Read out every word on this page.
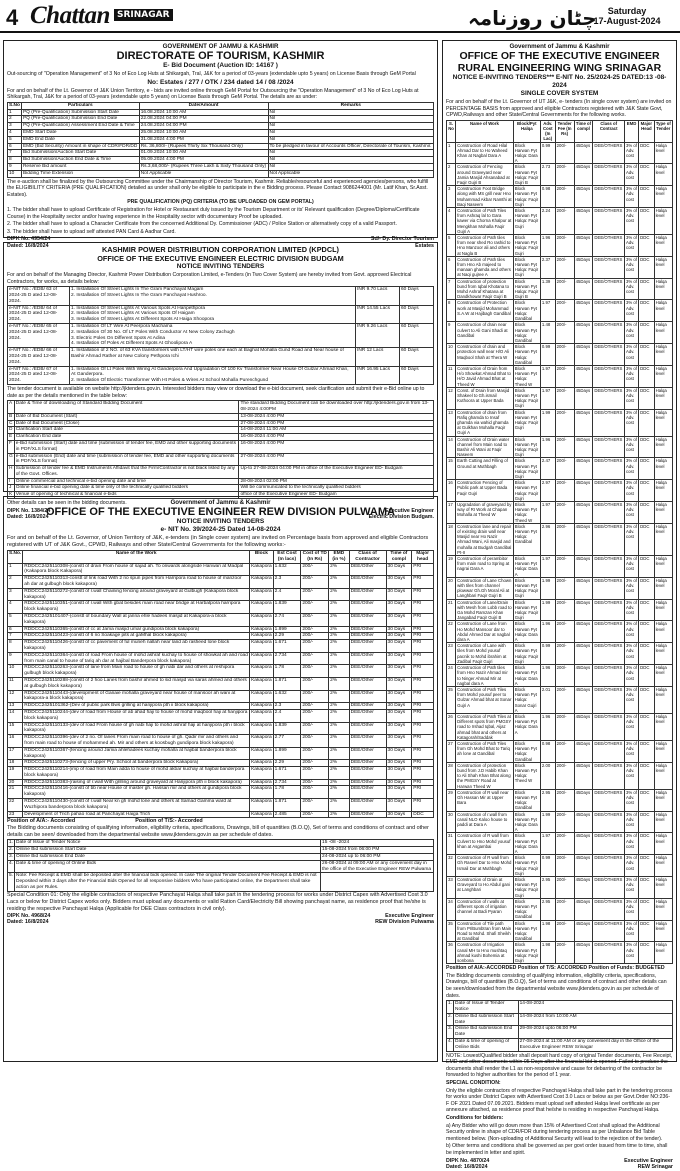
4 Chattan SRINAGAR	چٹان روزنامہ	Saturday
17-August-2024
GOVERNMENT OF JAMMU & KASHMIR
DIRECTORATE OF TOURISM, KASHMIR
E- Bid Document (Auction ID: 14167 )
Out-sourcing of "Operation Management" of 3 No of Eco Log Huts at Shikargah, Tral, J&K for a period of 03-years (extendable upto 5 years) on License Basis through GeM Portal
No: Estates / 277 / OTK / 234 dated 14 / 08 /2024
For and on behalf of the Lt. Governor of J&K Union Territory, e - bids are invited online through GeM Portal for Outsourcing the "Operation Management" of 3 No of Eco Log Huts at Shikargah, Tral, J&K for a period of 03-years (extendable upto 5 years) on License Basis through GeM Portal. The details are as under:
S.No	Particulars	Date/Amount	Remarks
1	PQ (Pre-Qualification) Submission Start Date	16.08.2024 10:00 AM	Nil
2	PQ (Pre-Qualification) Submission End Date	22.08.2024 04:00 PM	Nil
3	PQ (Pre-Qualification) Assessment End Date & Time	24.08.2024 04:00 PM	Nil
4	EMD Start Date	25.08.2024 10:00 AM	Nil
5	EMD End Date	31.08.2024 4:00 PM	Nil
6	EMD (Bid Security) Amount in shape of CDR/FDR/DD	Rs. 36,800/- (Rupees Thirty Six Thousand Only)	To be pledged in favour of Accounts Officer, Directorate of Tourism, Kashmir.
7	Bid Submission/Auction Start Date	01.09.2024 10:00 AM	Nil
8	Bid Submission/Auction End Date & Time	05.09.2024 4:00 PM	Nil
9	Reserve Bid amount	Rs.3,68,000/- (Rupees Three Lakh & Sixty Thousand Only)	Nil
10	Bidding Time Extension	Not Applicable	Not Applicable
The e-auction shall be finalized by the Outsourcing Committee under the Chairmanship of Director Tourism, Kashmir. Reliable/resourceful and experienced agencies/persons, who fulfill the ELIGIBILITY CRITERIA (PRE QUALIFICATION) detailed as under shall only be eligible to participate in the e Bidding process. Please Contact 9086244001 (Mr. Latif Khan, Sr.Asst. Estates).
PRE QUALIFICATION (PQ) CRITERIA (TO BE UPLOADED ON GEM PORTAL)
1. The bidder shall have to upload Certificate of Registration for Hotel or Restaurant duly issued by the Tourism Department or its' Relevant qualification (Degree/Diploma/Certificate Course) in the Hospitality sector and/or having experience in the Hospitality sector with documentary Proof be uploaded.
2. The bidder shall have to upload a Character Certificate from the concerned Additional Dy. Commissioner (ADC) / Police Station or alternatively copy of a valid Passport.
3. The bidder shall have to upload self attested PAN Card & Aadhar Card.
DIPK No. 4954/24	Sd/- Dy. Director Tourism
Dated: 16/8/2024	Estates
KASHMIR POWER DISTRIBUTION CORPORATION LIMITED (KPDCL)
OFFICE OF THE EXECUTIVE ENGINEER ELECTRIC DIVISION BUDGAM
NOTICE INVITING TENDERS
For and on behalf of the Managing Director, Kashmir Power Distribution Corporation Limited, e-Tenders (in Two Cover System) are hereby invited from Govt. approved Electrical Contractors, for works, as details below:
e-NIT No.: /EDB/ 63 of 2024-25 D ated 12-08-2024.	1. Installation Of Street Lights In The Gram Panchayat Magam
2. Installation Of Street Lights In The Gram Panchayat Hushroo.	INR 9.70 Lacs	60 Days
e-NIT No.: /EDB/ 64 of 2024-25 D ated 12-08-2024.	1. Installation Of Street Lights At Various Spots At Haripethpora
2. Installation Of Street Lights At Various Spots Of Haigam
3. Installation Of Street Lights At Different Spots At Haiga Shoopora	INR 14.55 Lacs	60 Days
e-NIT No.: /EDB/ 65 of 2024-25 D ated 12-08-2024.	1. Installation Of LT Wire At Peerpora Machama
2. Installation Of 30 No. Of LT Poles With Conductor At New Colony Zachugh
3. Electric Poles On Different Spots At Adina
4. Installation Of Poles At Different Spots At Ghoolipora A	INR 9.26 Lacs	60 Days
e-NIT No.: /EDB/ 66 of 2024-25 D ated 12-08-2024.	1. Installation of 2 NO. of 63 KVA transformers with LT/HT wire poles one each at Baghat Mohalla Gund Road and Near house of Bashir Ahmad Rather at New Colony Pethpora Ichi	INR 12 Lacs	60 Days
e-NIT No.: /EDB/ 67 of 2024-25 D ated 12-08-2024.	1. Installation Of Lt Poles With Wiring At Ganderpora And Upgradation Of 100 Kv Transformer Near House Of Gulzar Ahmad Khan, At Ganderpora.
2. Installation Of Electric Transformer With Ht Poles & Wires At School Mohalla Purenchgund	INR 16.95 Lacs	60 Days
The tender document is available on website http://jktenders.gov.in. Interested bidders may view or download the e-bid document, seek clarification and submit their e-Bid online up to date as per the details mentioned in the table below:
A	Date & Time of downloading of Standard Bidding Document	The standard Bidding Document can be downloaded over http://jktenders.gov.in from 13-08-2024 4:00PM
B	Date of Bid Document (Start)	13-08-2024 4:00 PM
C	Date of Bid Document (Close)	27-08-2024 4:00 PM
D	Clarification Start date	14-08-2024 11:00 AM
E	Clarification End date	16-08-2024 4:00 PM
F	e-Bid submission (Start) date and time (submission of tender fee, EMD and other supporting documents in PDF/XLS format)	16-08-2024 4:00 PM
G	e-Bid submission (End) date and time (submission of tender fee, EMD and other supporting documents in PDF/XLS format)	27-08-2024 4:00 PM
H	Submission of tender fee & EMD Instruments Affidavit that the Firm/Contractor is not black listed by any of the Govt. Offices.	Up-to 27-08-2024 04:00 PM in office of the Executive Engineer ED- Budgam
I	Online commercial and technical e-bid opening date and time	28-08-2024 02:00 PM
J	Online financial e-bid opening date & time only of the technically qualified bidders	Will be communicated to the technically qualified bidders
K	Venue of opening of technical & financial e-bids	office of the Executive Engineer ED- Budgam
Other details can be seen in the bidding documents.
DIPK No. 1384/24	Executive Engineer
Dated: 16/8/2024	Electric Division Budgam.
Government of Jammu & Kashmir
OFFICE OF THE EXECUTIVE ENGINEER REW DIVISION PULWAMA
NOTICE INVITING TENDERS
e- NIT No. 39/2024-25 Dated 14-08-2024
For and on behalf of the Lt. Governor, of Union Territory of J&K, e-tenders (in Single cover system) are invited on Percentage basis from approved and eligible Contractors registered with UT of J&K Govt., CPWD, Railways and other State/Central Governments for the following works:-
S.No.	Name of the Work	Block	Est Cost (In lacs)	Cost of TD (In Rs)	EMD (in %)	Class of Contractor	Time of compl	Major head
1	RDDCC2425110308-(constt of drain From house of sajad ah. To onwards alongside Hanwari at Madpal (Kakapora block Kakapora)	Kakapora	1.632	200/-	2%	DEE/Other	30 Days	PRI
2	RDDCC2425110313-constt of link road With 2 no spun pipes from Harripora road to house of manzoor ah dar at gulbugh block kakapora)	Kakapora	2.3	200/-	2%	DEE/Other	30 Days	PRI
3	RDDCC2425110272-(constt of r.wall Chaining fencing around graveyard at Gulbugh (Kakapora block kakapora)	Kakapora	2.4	200/-	2%	DEE/Other	30 Days	PRI
4	RDDCC2425110351-(constt of r.wall With gbat besides main road near bridge at Harbatpora harripora block kakapora)	Kakapora	1.839	200/-	2%	DEE/Other	30 Days	PRI
5	RDDCC2425101407-(constt of boundary Wall at janna ehle hadees masjid at Kakapora-a block kakapora)	Kakapora	2.74	200/-	2%	DEE/Other	30 Days	PRI
6	RDDCC2425110365-(constt of cc at Jama masjid umar gundipora block kakapora)	Kakapora	1.899	200/-	2%	DEE/Other	30 Days	PRI
7	RDDCC2425110423-(constt of 6 no Soakage pits at gaMhal block kakapora)	Kakapora	2.29	200/-	2%	DEE/Other	30 Days	PRI
8	RDDCC2425110426-(constt of cc pavement of ful muneh nallah near land ab rasheed lone block kakapora)	Kakapora	1.671	200/-	2%	DEE/Other	30 Days	PRI
9	RDDCC2425110364-(constt of road From house of mohd ashraf kuchay to house of showkat ah and road from main canal to house of tariq ah dar at hajibal Banderpora block kakapora)	Kakapora	2.734	200/-	2%	DEE/Other	30 Days	PRI
10	RDDCC2425110263-(constt of lane from Main road to house of gh nabi dar and others at reshipora gulbugh block kakapora)	Kakapora	1.78	200/-	2%	DEE/Other	30 Days	PRI
11	RDDCC2425110288-(constt of 2 hoo Lanes from bashir ahmed to sid masjid via saras ahmed and others at gulbugh block kakapora)	Kakapora	1.871	200/-	2%	DEE/Other	30 Days	PRI
12	RDDCC2425110443-(development of Ganaie mohalla graveyard near house of mansoor ah wani at kakapora-a block kakapora)	Kakapora	1.632	200/-	2%	DEE/Other	30 Days	PRI
13	RDDCC2425101362-(Dev of public park Bws grilling at hanjipora pth ii block kakapora)	Kakapora	2.3	200/-	2%	DEE/Other	30 Days	PRI
14	RDDCC2425110244-(dev of road from House of ab ahad haji to house of mohd maqbool haji at hanjipora block kakapora)	Kakapora	2.4	200/-	2%	DEE/Other	30 Days	PRI
15	RDDCC2425110133-(dev of road From house of gh nabi haji to mohd ashraf haji at hanjipora pth i block kakapora)	Kakapora	1.839	200/-	2%	DEE/Other	30 Days	PRI
16	RDDCC2425110396-(dev of 2 no. Of lanes From main road to house of gh. Qadir mir and others and from main road to house of mohammed ah. Mir and others at koosbugh gundipora block kakapora)	Kakapora	2.77	200/-	2%	DEE/Other	30 Days	PRI
17	RDDCC2425110367-(fencing around Jamia ahlehadees kuchay mohalla at hajibal banderpora block kakapora)	Kakapora	1.899	200/-	2%	DEE/Other	30 Days	PRI
18	RDDCC2425110273-(fencing of upper Pry. School at banderpora block Kakapora)	Kakapora	2.29	200/-	2%	DEE/Other	30 Days	PRI
19	RDDCC2425110214-(imp of road from Main adda to house of mohd akbar kuchay at hajibal banderpora block kakapora)	Kakapora	1.671	200/-	2%	DEE/Other	30 Days	PRI
20	RDDCC2425110383-(raising of r.wall With grilling around graveyard at Harijipora pth ii block kakapora)	Kakapora	2.734	200/-	2%	DEE/Other	30 Days	PRI
21	RDDCC2425110416-(constt of bb near House of master gh. Hassan mir and others at gundipora block kakapora)	Kakapora	1.78	200/-	2%	DEE/Other	30 Days	PRI
22	RDDCC2425110430-(constt of r.wall Near kn gh mohd lone and others at Samad Gamma ward at Wuzhipora banderpora block kakapora)	Kakapora	1.871	200/-	2%	DEE/Other	30 Days	PRI
23	Development of Trich pahao road at Panchayat Haiga Trich	Kakapora	2.485	200/-	2%	DEE/Other	30 Days	DDC
Position of A/A:- Accorded	Position of T/S:- Accorded
The Bidding documents consisting of qualifying information, eligibility criteria, specifications, Drawings, bill of quantities (B.O.Q), Set of terms and conditions of contract and other details can be seen/ downloaded from the departmental website www.jktenders.gov.in as per schedule of dates.
1.	Date of Issue of Tender Notice	15 -08 -2024
2.	Online Bid submission Start Date	15-08-2024 from 06:00 PM
3.	Online Bid submission End Date	24-08-2024 up to 06:00 PM
4.	Date & time of opening of Online Bids	26-08-2024 at 09:00 AM or any convenient day in the office of the Executive Engineer REW Pulwama
5.	Note: Fee Receipt & EMD shall be deposited after the financial bids opened. In case The original Tender Document Fee Receipt & EMD is not Deposited within 3 days after the Financial Bids Opened for all responsive bidders Who have participated online, the Department shall take action as per Rules.	
Special Condition 01: Only the eligible contractors of respective Panchayat Halqa shall take part in the tendering process for works under District Capex with Advertised Cost 3.0 Lacs or below for District Capex works only. Bidders must upload any documents or valid Ration Card/Electricity Bill showing panchayat name, as residence proof that he/she is residing the respective Panchayat Halqa (Applicable for DEE Class contractors in civil only).
DIPK No. 4968/24	Executive Engineer
Dated: 16/8/2024	REW Division Pulwama
Government of Jammu & Kashmir
OFFICE OF THE EXECUTIVE ENGINEER RURAL ENGINEERING WING SRINAGAR
NOTICE E-INVITING TENDERS*** E-NIT No. 25/2024-25 DATED:13 -08-2024
SINGLE COVER SYSTEM
For and on behalf of the Lt. Governor of UT J&K, e- tenders (In single cover system) are invited on PERCENTAGE BASIS from approved and eligible Contractors registered with J&K State Govt, CPWD,Railways and other State/Central Governments for the following works.
S. No	Name of Work	Block/Pyt Halqa	Adv. Cost (In Lac)	Tender Fee (In Rs)	Time of compl	Class of Contract	EMD	Major Head	Type of Tender
1	Construction of Road Hilal Ahmad Dar to Ho Waheed Khan at Nagbal Dara A	Block Harwan Pyt Halqa: Dara A	0.99	200/-	45Days	DEE/OTHERS	3% of Adv. cost	DDC	Halqa level
2	Construction of Fencing around Graveyard near Jamia Masjid Ahsanabad at Faqir Gujri B	Block Harwan Pyt Halqa: Faqir Gujri B	2.73	200/-	45Days	DEE/OTHERS	3% of Adv. cost	DDC	Halqa level
3	Construction Foot Bridge along with MS grill near Hno Mohammad Akbar Namthi at Baqi Naseem	Block Harwan Pyt Halqa: Faqir Gujri	0.98	200/-	45Days	DEE/OTHERS	3% of Adv. cost	DDC	Halqa level
4	Construction of Path Tiles from Ashraq lal to Gara kawer via Chorna Khalpur at Mengkhan Mohalla Faqir Gujri A	Block Harwan Pyt Halqa: Faqir Gujri	2.24	200/-	45Days	DEE/OTHERS	3% of Adv. cost	DDC	Halqa level
5	Construction of Path tiles from near shed Ro rashid to Hno Manzoor ali and others at Nagla B	Block Harwan Pyt Halqa: Faqir Gujri	1.96	200/-	45Days	DEE/OTHERS	3% of Adv. cost	DDC	Halqa level
6	Construction of Path tiles from Hno Ab majeed to manaan ghamda and others at Naqi gujree A	Block Harwan Pyt Halqa: Faqir Gujri	2.37	200/-	45Days	DEE/OTHERS	3% of Adv. cost	DDC	Halqa level
7	Construction of protection bund from Iqbal Khotana to Mohd Ashraf Khatana at Dandkhowar Faqir Gujri B	Block Harwan Pyt Halqa: Faqir Gujri B	1.39	200/-	45Days	DEE/OTHERS	3% of Adv. cost	DDC	Halqa level
8	Construction of Protection work at Masjid Mohammad S.A.W at Hajibagh Gandibal	Block Harwan Pyt Halqa: Gandibal	1.97	200/-	45Days	DEE/OTHERS	3% of Adv. cost	DDC	Halqa level
9	Construction of drain near culvert to Ali Gani Shadi at Gandibal	Block Harwan Pyt Halqa: Gandibal	1.48	200/-	45Days	DEE/OTHERS	3% of Adv. cost	DDC	Halqa level
10	Construction of drain and protection wall near H/O Ali Maqbool Shah at Thera W	Block Harwan Pyt Halqa: Gandibal	0.99	200/-	45Days	DEE/OTHERS	3% of Adv. cost	DDC	Halqa level
11	Construction of Drain from H/o Showkat Ahmad Bhat to H/O Javid Ahmad Bhat at Theed W	Block Harwan Pyt Halqa: Theed W	1.97	200/-	45Days	DEE/OTHERS	3% of Adv. cost	DDC	Halqa level
12	Const. of Drain from Masjid Shakeel to Gh.ismail Kuthoora at Upper Bada	Block Harwan Pyt Halqa: Faqir Gujri	1.97	200/-	45Days	DEE/OTHERS	3% of Adv. cost	DDC	Halqa level
13	Construction of drain from Rafiq ghamda to Insaf ghamda via wahid ghamda at Gulkhan Mohalla Faqir Gujri A	Block Harwan Pyt Halqa: Faqir Gujri	1.99	200/-	45Days	DEE/OTHERS	3% of Adv. cost	DDC	Halqa level
14	Construction of Drain water channel from Main road to Bashir Ali Wani at Faqir Naseem	Block Harwan Pyt Halqa: Faqir Gujri	1.96	200/-	45Days	DEE/OTHERS	3% of Adv. cost	DDC	Halqa level
15	Earth Cutting and Filling of Ground at Muthbagh	Block Harwan Pyt Halqa: Faqir Gujri	2.47	200/-	45Days	DEE/OTHERS	3% of Adv. cost	DDC	Halqa level
16	Construction Fencing of Public park at Upper Bada Faqir Gujri	Block Harwan Pyt Halqa: Faqir Gujri	2.97	200/-	45Days	DEE/OTHERS	3% of Adv. cost	DDC	Halqa level
17	Upgradation of graveyard by way of RI Work at Chapan Mohalla at Theed W	Block Harwan Pyt Halqa: Theed W	1.97	200/-	45Days	DEE/OTHERS	3% of Adv. cost	DDC	Halqa level
18	Construction lane and repair of existing drain wall near Masjid near Ho Nazir Ahmad Wani, Ali masjid and mohalla at Budgah Gandibal Pt-II	Block Harwan Pyt Halqa: Gandibal	2.96	200/-	45Days	DEE/OTHERS	3% of Adv. cost	DDC	Halqa level
19	Construction of perambitor from main road to Spring at nagrai Dara A	Block Harwan Pyt Halqa: Dara A	1.97	200/-	45Days	DEE/OTHERS	3% of Adv. cost	DDC	Halqa level
20	Construction of Lane Chown with tiles from channel plowwar Gh.Gh Moral Ali at Langhbari Faqir Gujri B	Block Harwan Pyt Halqa: Faqir Gujri	1.99	200/-	45Days	DEE/OTHERS	3% of Adv. cost	DDC	Halqa level
21	Construction of Lane/Drain with Mesh from Lobb road to Ga Mohd Ramzan Khan Jangabad Faqir Gujri B	Block Harwan Pyt Halqa: Faqir Gujri	1.99	200/-	45Days	DEE/OTHERS	3% of Adv. cost	DDC	Halqa level
22	Construction of Lane from Ho Mohd Mansoor dar to Abdul Ahmed Dar at nagbal dara A	Block Harwan Pyt Halqa: Dara A	1.96	200/-	45Days	DEE/OTHERS	3% of Adv. cost	DDC	Halqa level
23	Construction of Lane with tiles from Mohd yousuf pacnik to Mohd ibrahim at Zadibal Faqir Gujri	Block Harwan Pyt Halqa: Faqir Gujri	0.99	200/-	45Days	DEE/OTHERS	3% of Adv. cost	DDC	Halqa level
24	Construction of Path tiles from Hno Nazir Ahmad mir to Ninger Ahmad Mir at nagbal dara A	Block Harwan Pyt Halqa: Dara A	1.96	200/-	45Days	DEE/OTHERS	3% of Adv. cost	DDC	Halqa level
25	Construction of Path Tiles from Mohd yousuf peer to Gulzar Ahmad bhat at Sonar Gujri A	Block Harwan Pyt Halqa: Sonar Gujri A	2.01	200/-	45Days	DEE/OTHERS	3% of Adv. cost	DDC	Halqa level
26	Construction of Path Tiles at Different spots from PMGSY road to Irshad Iqbal, Aijaz ahmad bhat and others at Katagorah/Saddak	Block Harwan Pyt Halqa: Dara A	1.96	200/-	45Days	DEE/OTHERS	3% of Adv. cost	DDC	Halqa level
27	Construction of Path Tiles from Gh Mohd Bhat to Tariq ah lone at Gandibal	Block Harwan Pyt Halqa: Gandibal	0.98	200/-	45Days	DEE/OTHERS	3% of Adv. cost	DDC	Halqa level
28	Construction of protection bund from J.D Habib Khan to Ali Shah Khan Bhat along the PMGSY Road at Harwan Theed W	Block Harwan Pyt Halqa: Theed W	2.00	200/-	45Days	DEE/OTHERS	3% of Adv. cost	DDC	Halqa level
29	Construction of R wall near Gh Hassan Mir at Upper Bara	Block Harwan Pyt Halqa: Gandibal	2.95	200/-	45Days	DEE/OTHERS	3% of Adv. cost	DDC	Halqa level
30	Construction of r.wall from canal NLO Kaloo house to paddi at Dara A	Block Harwan Pyt Halqa: Dara A	1.99	200/-	45Days	DEE/OTHERS	3% of Adv. cost	DDC	Halqa level
31	Construction of R wall from Culvert to Hno Mohd yousuf khan at Asgambai	Block Harwan Pyt Halqa: Dara A	1.97	200/-	45Days	DEE/OTHERS	3% of Adv. cost	DDC	Halqa level
32	Construction of R wall from Gh Raseel Dar to Hno Mohd Ismail Dar at Muthbagh	Block Harwan Pyt Halqa: Faqir Gujri	0.99	200/-	45Days	DEE/OTHERS	3% of Adv. cost	DDC	Halqa level
33	Construction of Drain at Graveyard to Ho Abdul gani at Langhbari	Block Harwan Pyt Halqa: Faqir Gujri	2.95	200/-	45Days	DEE/OTHERS	3% of Adv. cost	DDC	Halqa level
34	Construction of r.walls at different spots of irrigation channel at Badi Pyaran	Block Harwan Pyt Halqa: Gandibal	2.95	200/-	45Days	DEE/OTHERS	3% of Adv. cost	DDC	Halqa level
35	Construction of Tile path from PI/Bumbtran from Main Road to Mohd. Shafi Sheikh at Gandibal	Block Harwan Pyt Halqa: Gandibal	1.98	200/-	45Days	DEE/OTHERS	3% of Adv. cost	DDC	Halqa level
36	Construction of Irrigation canal MH to Hno mushtaq ahmad kushi Bohemia at sonbona	Block Harwan Pyt Halqa: Faqir Gujri	1.98	200/-	45Days	DEE/OTHERS	3% of Adv. cost	DDC	Halqa level
Position of A/A:-ACCORDED Position of T/S: ACCORDED Position of Funds: BUDGETED
The Bidding documents consisting of qualifying information, eligibility criteria, specifications, Drawings, bill of quantities (B.O.Q), Set of terms and conditions of contract and other details can be seen/downloaded from the departmental website www.jktenders.gov.in as per schedule of dates.
1.	Date of Issue of Tender Notice	14-08-2024
2.	Online Bid submission Start Date	14-08-2024 from 10:00 AM
3.	Online Bid submission End Date	29-08-2024 upto 06:00 PM
4.	Date & time of opening of Online Bids	27-08-2024 at 11:00 AM or any convenient day in the Office of the Executive Engineer REW Srinagar
NOTE: Lowest/Qualified bidder shall deposit hard copy of original Tender documents, Fee Receipt, EMD and other documents within 05 Days after the financial bid is opened. Failed to produce the documents shall render the L1 as non-responsive and cause for debarring of the contractor be forwarded to higher authorities for the period of 1 year.
SPECIAL CONDITION:
Only the eligible contractors of respective Panchayat Halqa shall take part in the tendering process for works under District Capex with Advertised Cost 3.0 Lacs or below as per Govt.Order NO:236-F OF 2021 Dated 07.09.2021. Bidders must upload self attested Halqa level certificate as per annexure attached, as residence proof that he/she is residing in respective Panchayat Halqa.
Conditions for bidders:
a) Any Bidder who will go down more than 15% of Advertised Cost shall upload the Additional Security online in shape of CDR/FDR during tendering process as per Unbalance Bid Table mentioned below. (Non-uploading of Additional Security will lead to the rejection of the tender).
b) Other terms and conditions shall be governed as per govt order issued from time to time, shall be implemented in letter and spirit.
DIPK No. 4870/24	Executive Engineer
Dated: 16/8/2024	REW Srinagar
